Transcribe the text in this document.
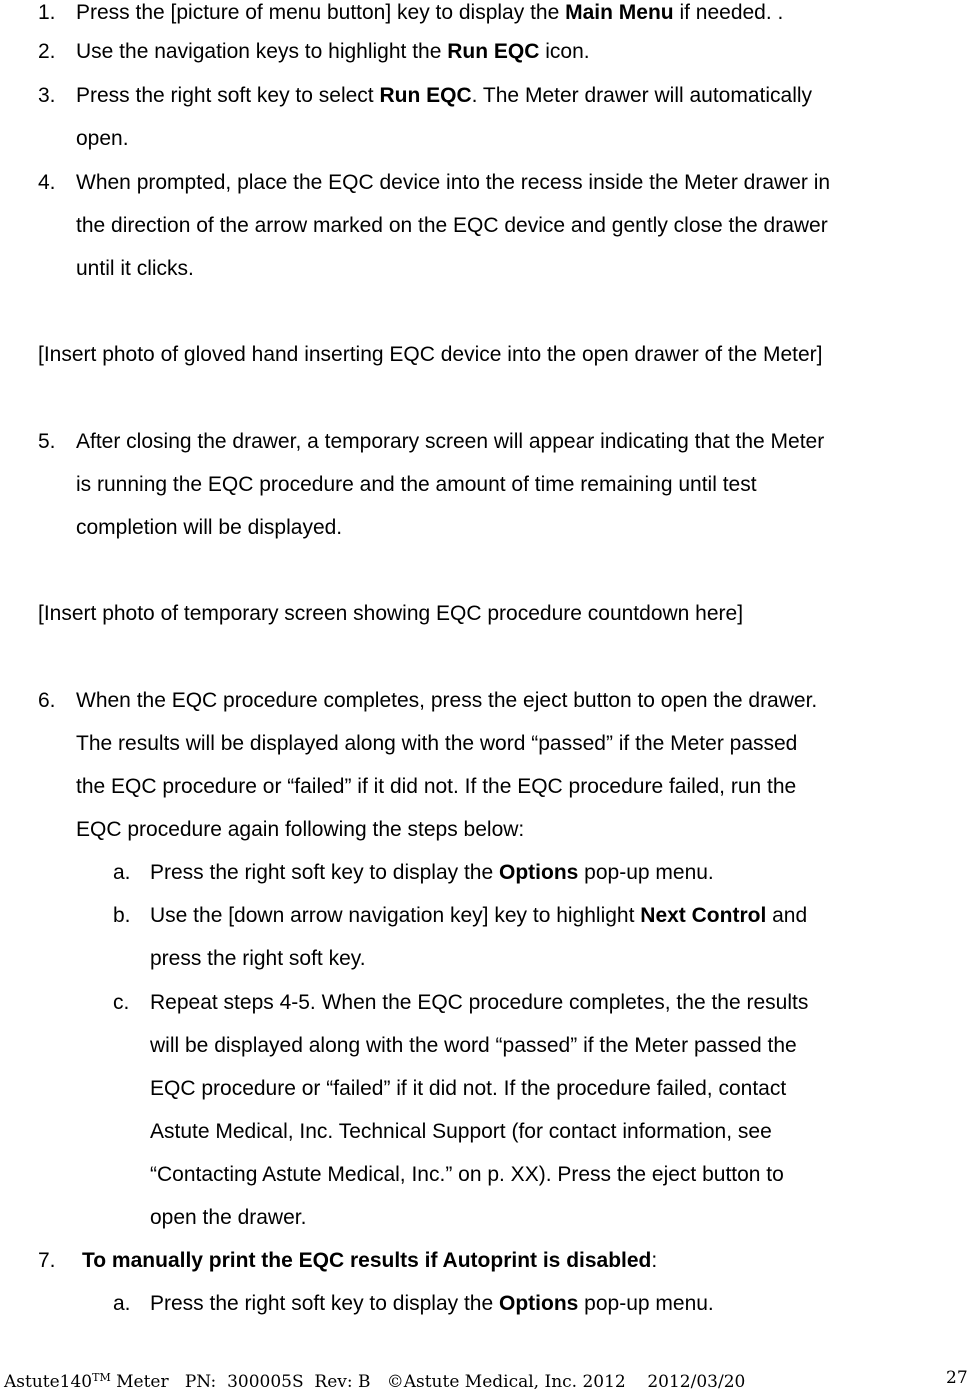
1. Press the [picture of menu button] key to display the Main Menu if needed. .
2. Use the navigation keys to highlight the Run EQC icon.
3. Press the right soft key to select Run EQC. The Meter drawer will automatically
open.
4. When prompted, place the EQC device into the recess inside the Meter drawer in
the direction of the arrow marked on the EQC device and gently close the drawer
until it clicks.
[Insert photo of gloved hand inserting EQC device into the open drawer of the Meter]
5. After closing the drawer, a temporary screen will appear indicating that the Meter
is running the EQC procedure and the amount of time remaining until test
completion will be displayed.
[Insert photo of temporary screen showing EQC procedure countdown here]
6. When the EQC procedure completes, press the eject button to open the drawer.
The results will be displayed along with the word “passed” if the Meter passed
the EQC procedure or “failed” if it did not. If the EQC procedure failed, run the
EQC procedure again following the steps below:
a. Press the right soft key to display the Options pop-up menu.
b. Use the [down arrow navigation key] key to highlight Next Control and
press the right soft key.
c. Repeat steps 4-5. When the EQC procedure completes, the the results
will be displayed along with the word “passed” if the Meter passed the
EQC procedure or “failed” if it did not. If the procedure failed, contact
Astute Medical, Inc. Technical Support (for contact information, see
“Contacting Astute Medical, Inc.” on p. XX). Press the eject button to
open the drawer.
7. To manually print the EQC results if Autoprint is disabled:
a. Press the right soft key to display the Options pop-up menu.
Astute140™ Meter   PN:  300005S  Rev: B   ©Astute Medical, Inc. 2012    2012/03/20	27
